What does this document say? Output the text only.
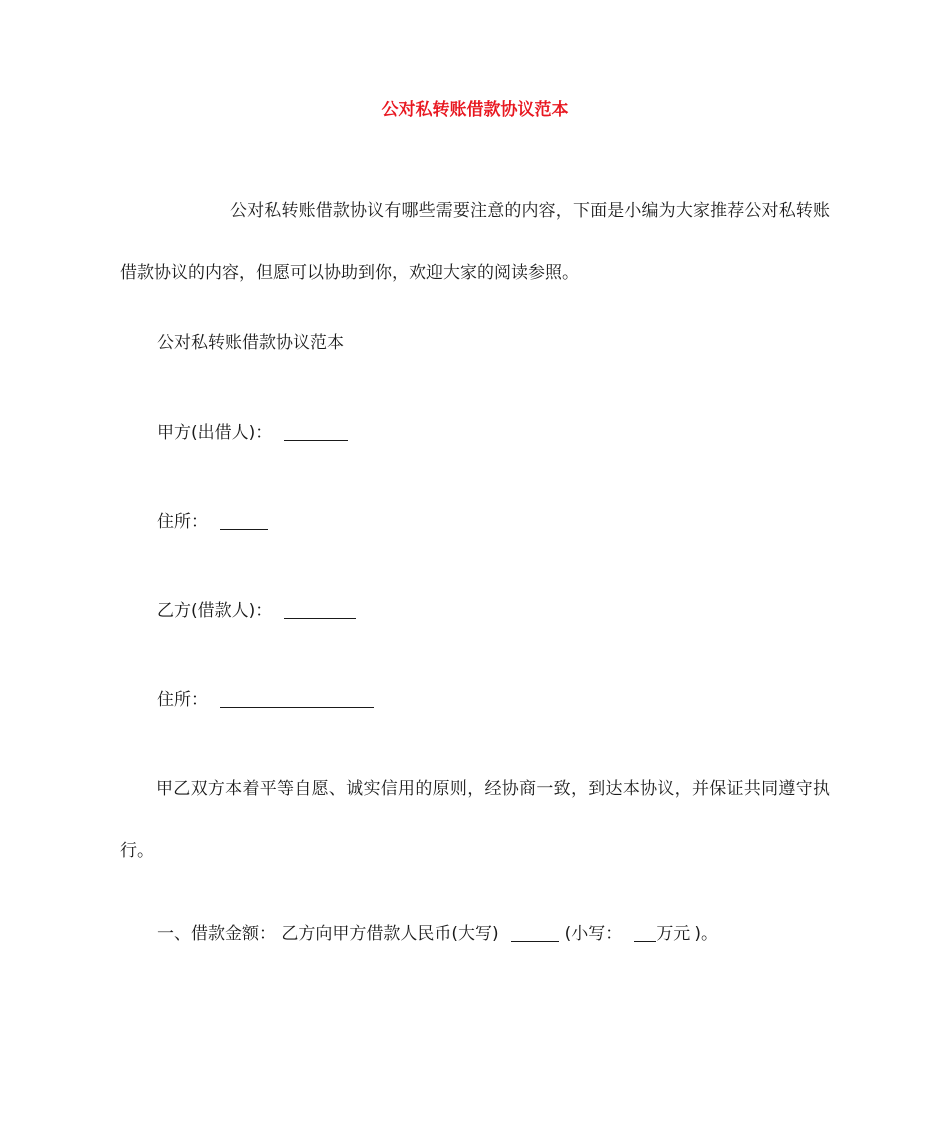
公对私转账借款协议范本

公对私转账借款协议有哪些需要注意的内容，下面是小编为大家推荐公对私转账借款协议的内容，但愿可以协助到你，欢迎大家的阅读参照。

公对私转账借款协议范本

甲方(出借人)：

住所：

乙方(借款人)：

住所：

甲乙双方本着平等自愿、诚实信用的原则，经协商一致，到达本协议，并保证共同遵守执行。

一、借款金额： 乙方向甲方借款人民币(大写)	(小写： 万元 )。
